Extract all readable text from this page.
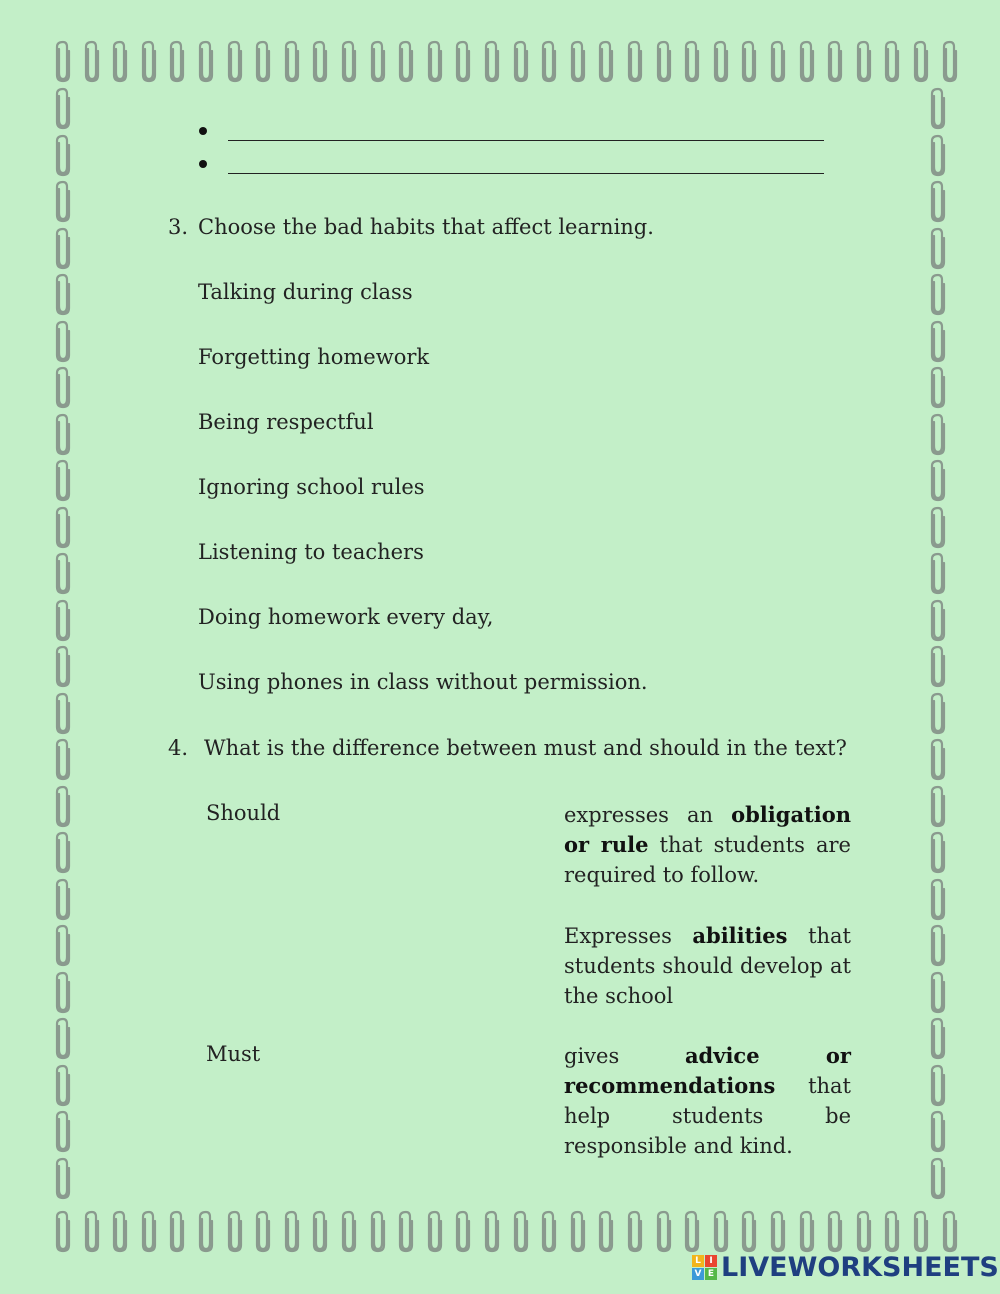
3. Choose the bad habits that affect learning.
Talking during class
Forgetting homework
Being respectful
Ignoring school rules
Listening to teachers
Doing homework every day,
Using phones in class without permission.
4. What is the difference between must and should in the text?
Should
Must
expresses an obligation or rule that students are required to follow.
Expresses abilities that students should develop at the school
gives advice or recommendations that help students be responsible and kind.
L I
V E LIVEWORKSHEETS
